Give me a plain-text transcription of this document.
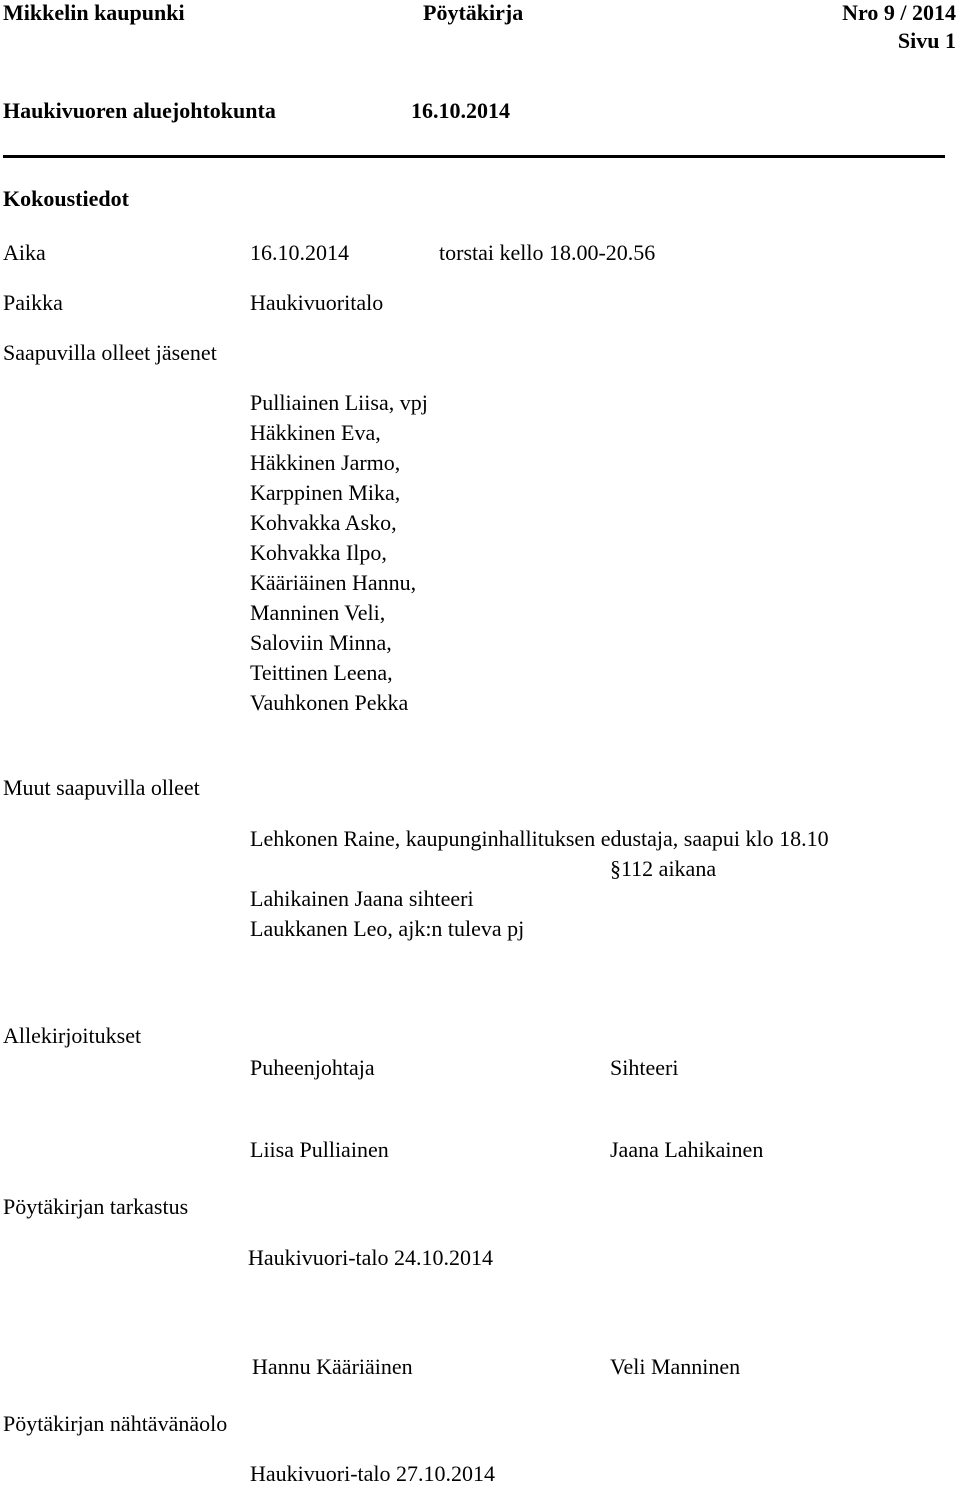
Mikkelin kaupunki	Pöytäkirja	Nro 9 / 2014
Sivu 1
Haukivuoren aluejohtokunta	16.10.2014
Kokoustiedot
Aika	16.10.2014	torstai kello 18.00-20.56
Paikka	Haukivuoritalo
Saapuvilla olleet jäsenet
Pulliainen Liisa, vpj
Häkkinen Eva,
Häkkinen Jarmo,
Karppinen Mika,
Kohvakka Asko,
Kohvakka Ilpo,
Kääriäinen Hannu,
Manninen Veli,
Saloviin Minna,
Teittinen Leena,
Vauhkonen Pekka
Muut saapuvilla olleet
Lehkonen Raine, kaupunginhallituksen edustaja, saapui klo 18.10
§112 aikana
Lahikainen Jaana sihteeri
Laukkanen Leo, ajk:n tuleva pj
Allekirjoitukset
Puheenjohtaja	Sihteeri
Liisa Pulliainen	Jaana Lahikainen
Pöytäkirjan tarkastus
Haukivuori-talo 24.10.2014
Hannu Kääriäinen	Veli Manninen
Pöytäkirjan nähtävänäolo
Haukivuori-talo 27.10.2014
